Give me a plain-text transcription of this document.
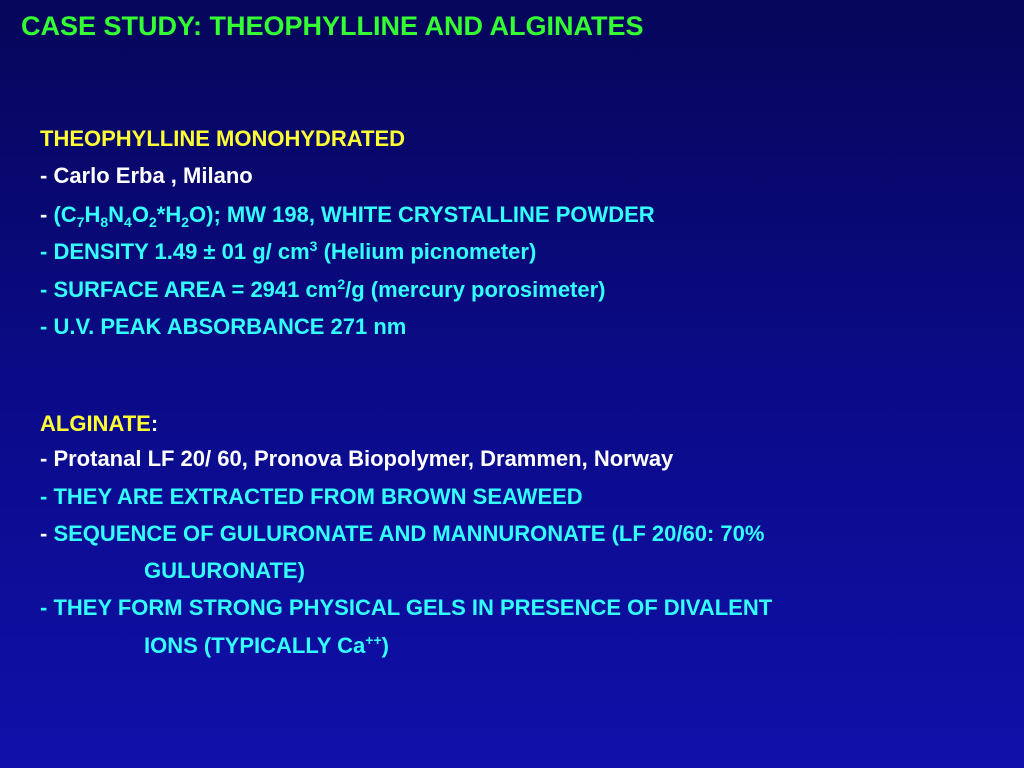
CASE STUDY: THEOPHYLLINE AND ALGINATES
THEOPHYLLINE MONOHYDRATED
- Carlo Erba , Milano
- $(C_7H_8N_4O_2*H_2O)$; MW 198, WHITE CRYSTALLINE POWDER
- DENSITY 1.49 ± 01 g/ $cm^3$ (Helium picnometer)
- SURFACE AREA = 2941 $cm^2/g$ (mercury porosimeter)
- U.V. PEAK ABSORBANCE 271 nm
ALGINATE:
- Protanal LF 20/ 60, Pronova Biopolymer, Drammen, Norway
- THEY ARE EXTRACTED FROM BROWN SEAWEED
- SEQUENCE OF GULURONATE AND MANNURONATE (LF 20/60: 70%
GULURONATE)
- THEY FORM STRONG PHYSICAL GELS IN PRESENCE OF DIVALENT
IONS (TYPICALLY Ca++)
